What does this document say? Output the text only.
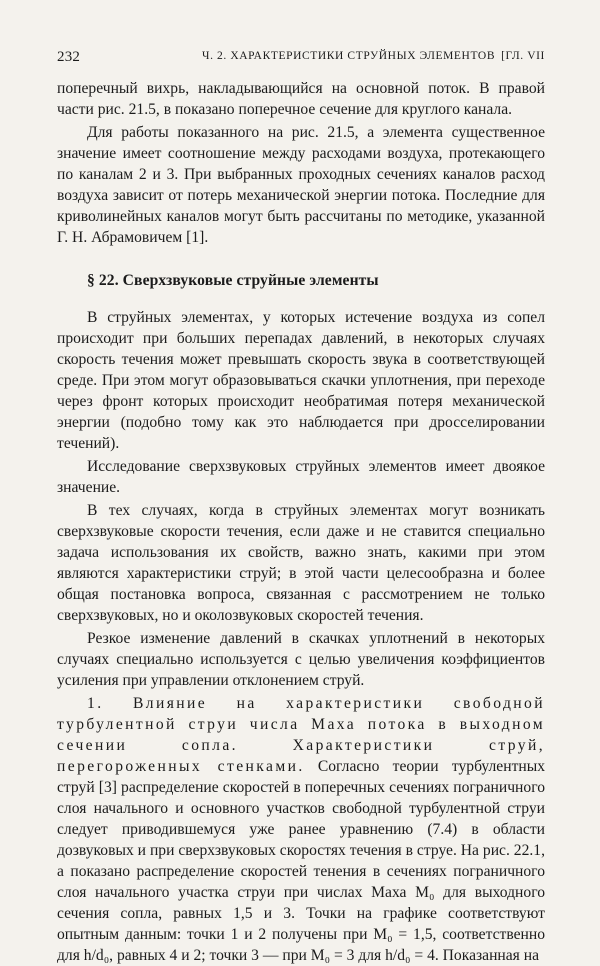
232	Ч. 2. ХАРАКТЕРИСТИКИ СТРУЙНЫХ ЭЛЕМЕНТОВ [ГЛ. VII

поперечный вихрь, накладывающийся на основной поток. В правой части рис. 21.5, в показано поперечное сечение для круглого канала.

Для работы показанного на рис. 21.5, а элемента существенное значение имеет соотношение между расходами воздуха, протекающего по каналам 2 и 3. При выбранных проходных сечениях каналов расход воздуха зависит от потерь механической энергии потока. Последние для криволинейных каналов могут быть рассчитаны по методике, указанной Г. Н. Абрамовичем [1].

§ 22. Сверхзвуковые струйные элементы

В струйных элементах, у которых истечение воздуха из сопел происходит при больших перепадах давлений, в некоторых случаях скорость течения может превышать скорость звука в соответствующей среде. При этом могут образовываться скачки уплотнения, при переходе через фронт которых происходит необратимая потеря механической энергии (подобно тому как это наблюдается при дросселировании течений).

Исследование сверхзвуковых струйных элементов имеет двоякое значение.

В тех случаях, когда в струйных элементах могут возникать сверхзвуковые скорости течения, если даже и не ставится специально задача использования их свойств, важно знать, какими при этом являются характеристики струй; в этой части целесообразна и более общая постановка вопроса, связанная с рассмотрением не только сверхзвуковых, но и околозвуковых скоростей течения.

Резкое изменение давлений в скачках уплотнений в некоторых случаях специально используется с целью увеличения коэффициентов усиления при управлении отклонением струй.

1. Влияние на характеристики свободной турбулентной струи числа Маха потока в выходном сечении сопла. Характеристики струй, перегороженных стенками. Согласно теории турбулентных струй [3] распределение скоростей в поперечных сечениях пограничного слоя начального и основного участков свободной турбулентной струи следует приводившемуся уже ранее уравнению (7.4) в области дозвуковых и при сверхзвуковых скоростях течения в струе. На рис. 22.1, а показано распределение скоростей тенения в сечениях пограничного слоя начального участка струи при числах Маха M₀ для выходного сечения сопла, равных 1,5 и 3. Точки на графике соответствуют опытным данным: точки 1 и 2 получены при M₀ = 1,5, соответственно для h/d₀, равных 4 и 2; точки 3 — при M₀ = 3 для h/d₀ = 4. Показанная на
